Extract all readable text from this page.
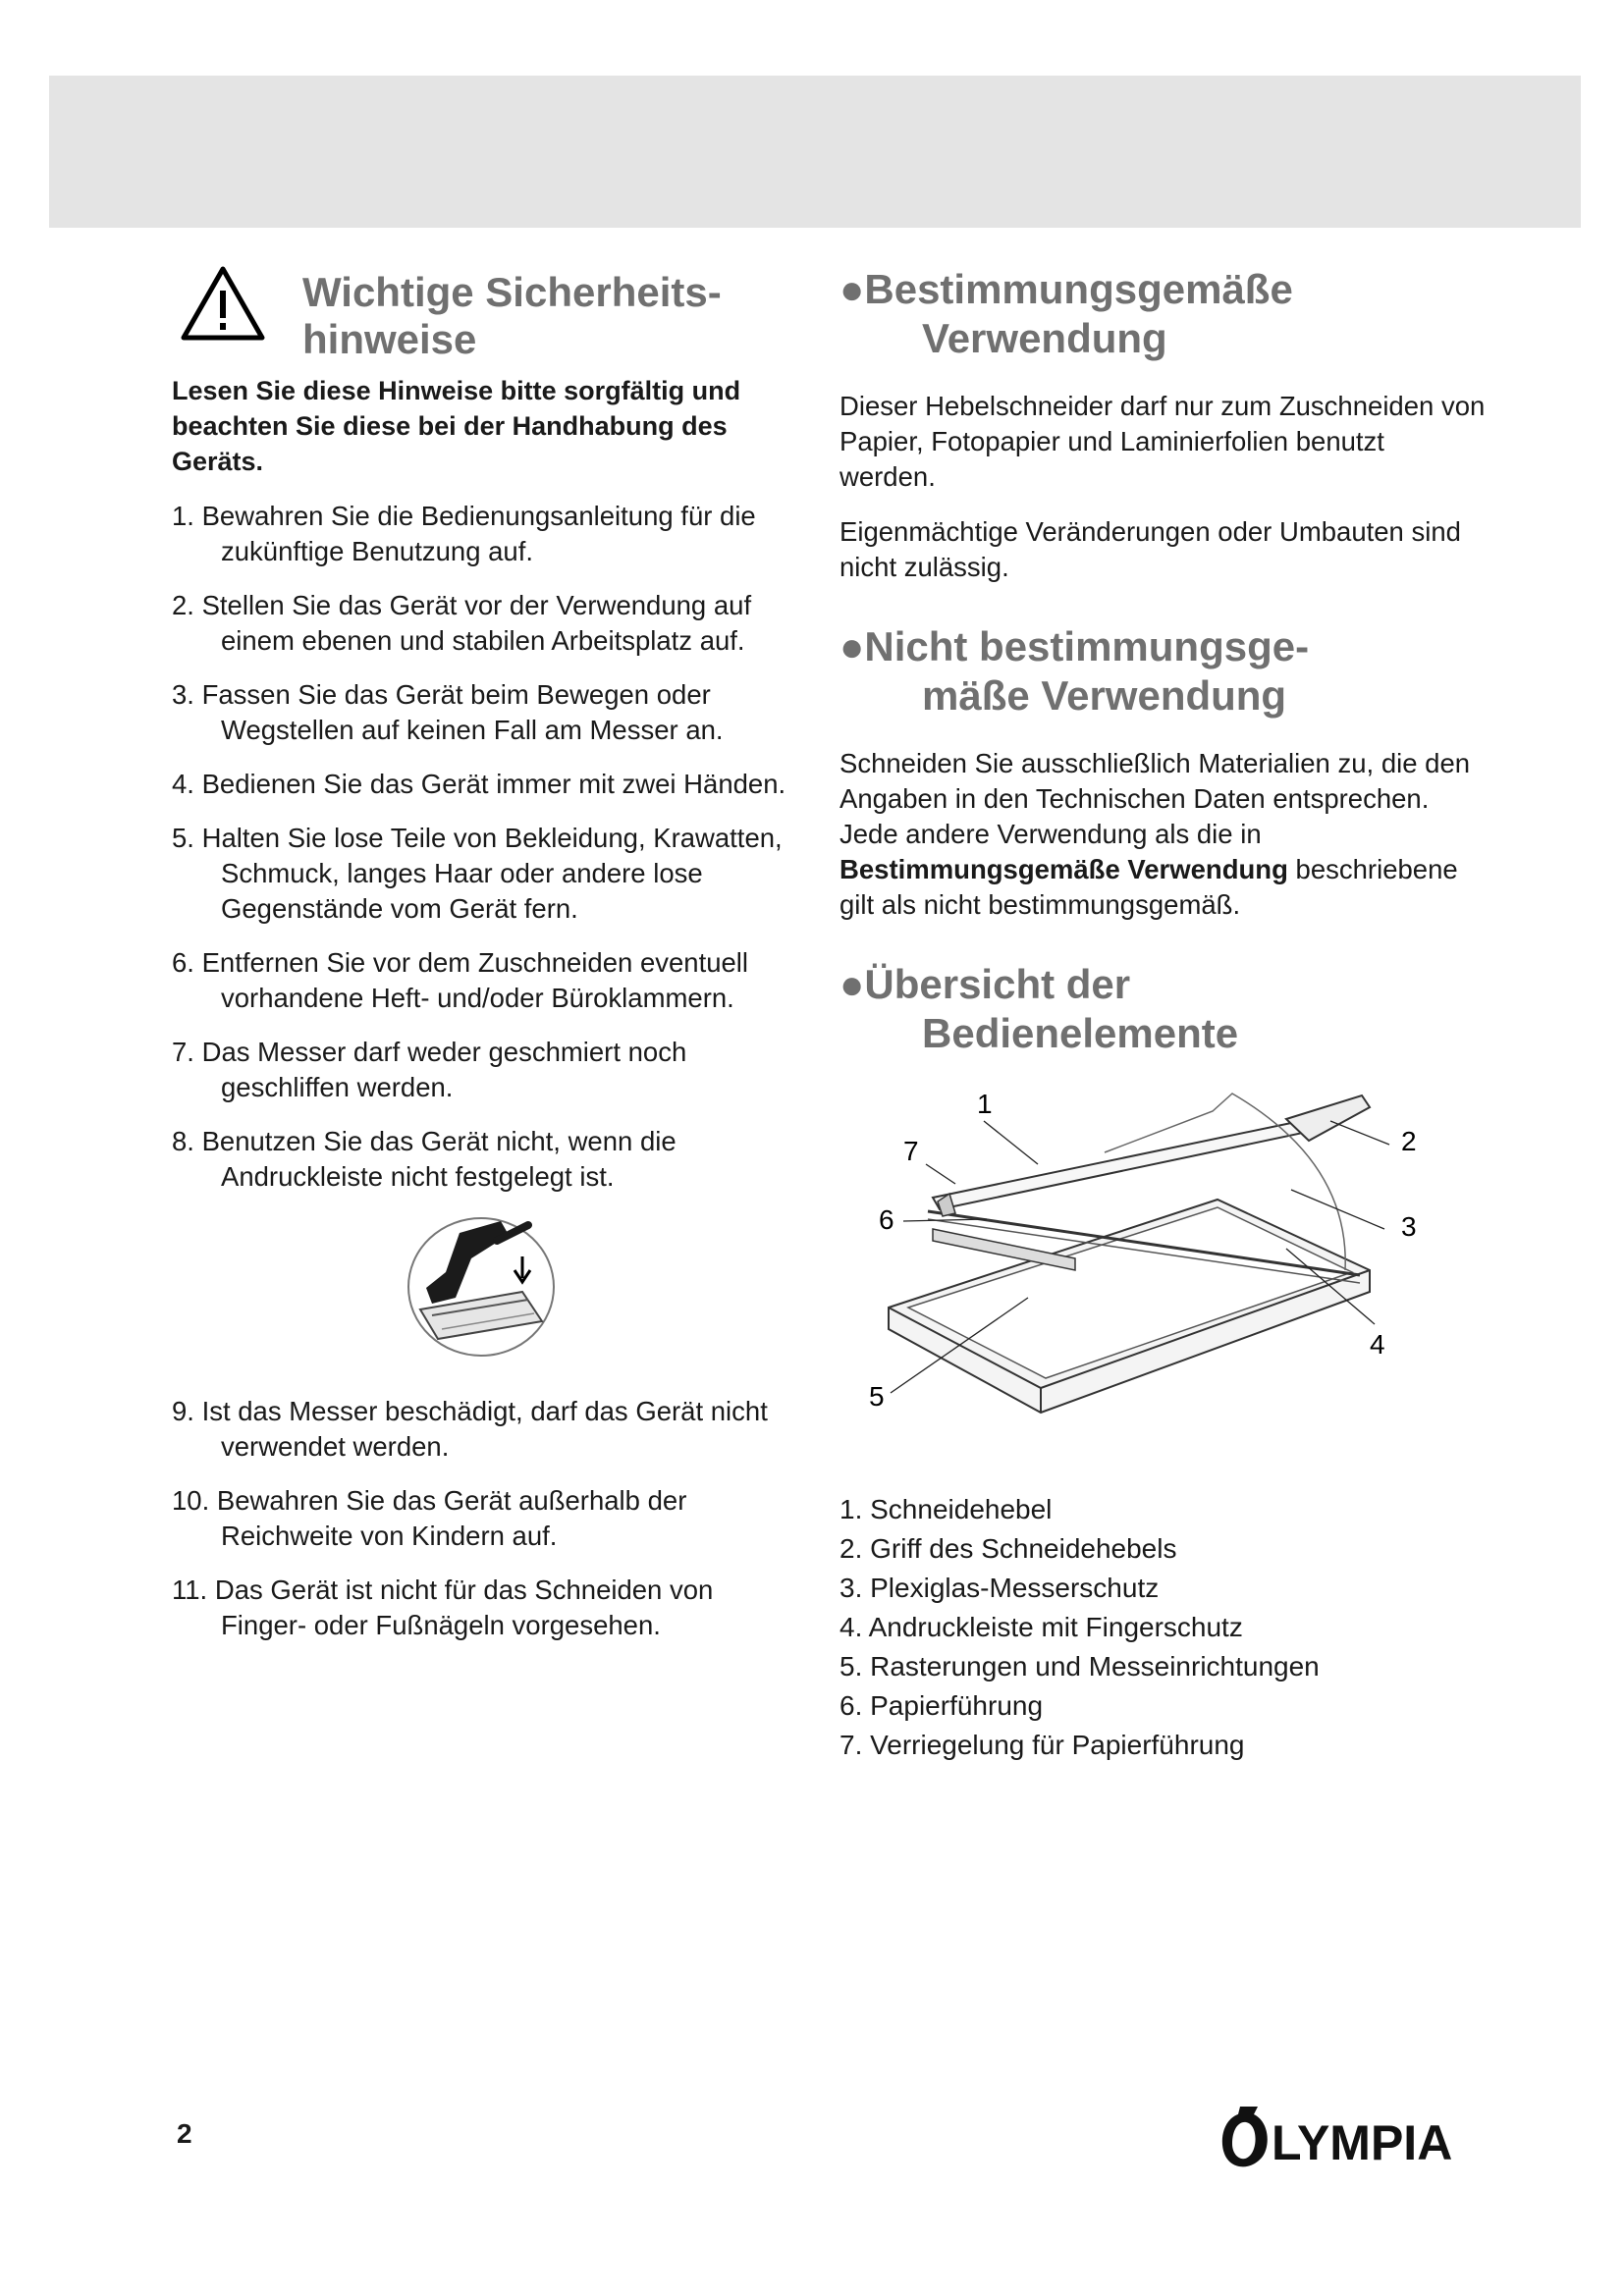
Wichtige Sicherheits-
hinweise

Lesen Sie diese Hinweise bitte sorgfältig und beachten Sie diese bei der Handhabung des Geräts.

1. Bewahren Sie die Bedienungsanleitung für die zukünftige Benutzung auf.
2. Stellen Sie das Gerät vor der Verwendung auf einem ebenen und stabilen Arbeitsplatz auf.
3. Fassen Sie das Gerät beim Bewegen oder Wegstellen auf keinen Fall am Messer an.
4. Bedienen Sie das Gerät immer mit zwei Händen.
5. Halten Sie lose Teile von Bekleidung, Krawatten, Schmuck, langes Haar oder andere lose Gegenstände vom Gerät fern.
6. Entfernen Sie vor dem Zuschneiden eventuell vorhandene Heft- und/oder Büroklammern.
7. Das Messer darf weder geschmiert noch geschliffen werden.
8. Benutzen Sie das Gerät nicht, wenn die Andruckleiste nicht festgelegt ist.
9. Ist das Messer beschädigt, darf das Gerät nicht verwendet werden.
10. Bewahren Sie das Gerät außerhalb der Reichweite von Kindern auf.
11. Das Gerät ist nicht für das Schneiden von Finger- oder Fußnägeln vorgesehen.
●Bestimmungsgemäße
Verwendung

Dieser Hebelschneider darf nur zum Zuschneiden von Papier, Fotopapier und Laminierfolien benutzt werden.

Eigenmächtige Veränderungen oder Umbauten sind nicht zulässig.

●Nicht bestimmungsge-
mäße Verwendung

Schneiden Sie ausschließlich Materialien zu, die den Angaben in den Technischen Daten entsprechen. Jede andere Verwendung als die in Bestimmungsgemäße Verwendung beschriebene gilt als nicht bestimmungsgemäß.

●Übersicht der
Bedienelemente
1
2
3
4
5
6
7
1. Schneidehebel
2. Griff des Schneidehebels
3. Plexiglas-Messerschutz
4. Andruckleiste mit Fingerschutz
5. Rasterungen und Messeinrichtungen
6. Papierführung
7. Verriegelung für Papierführung
2	LYMPIA
